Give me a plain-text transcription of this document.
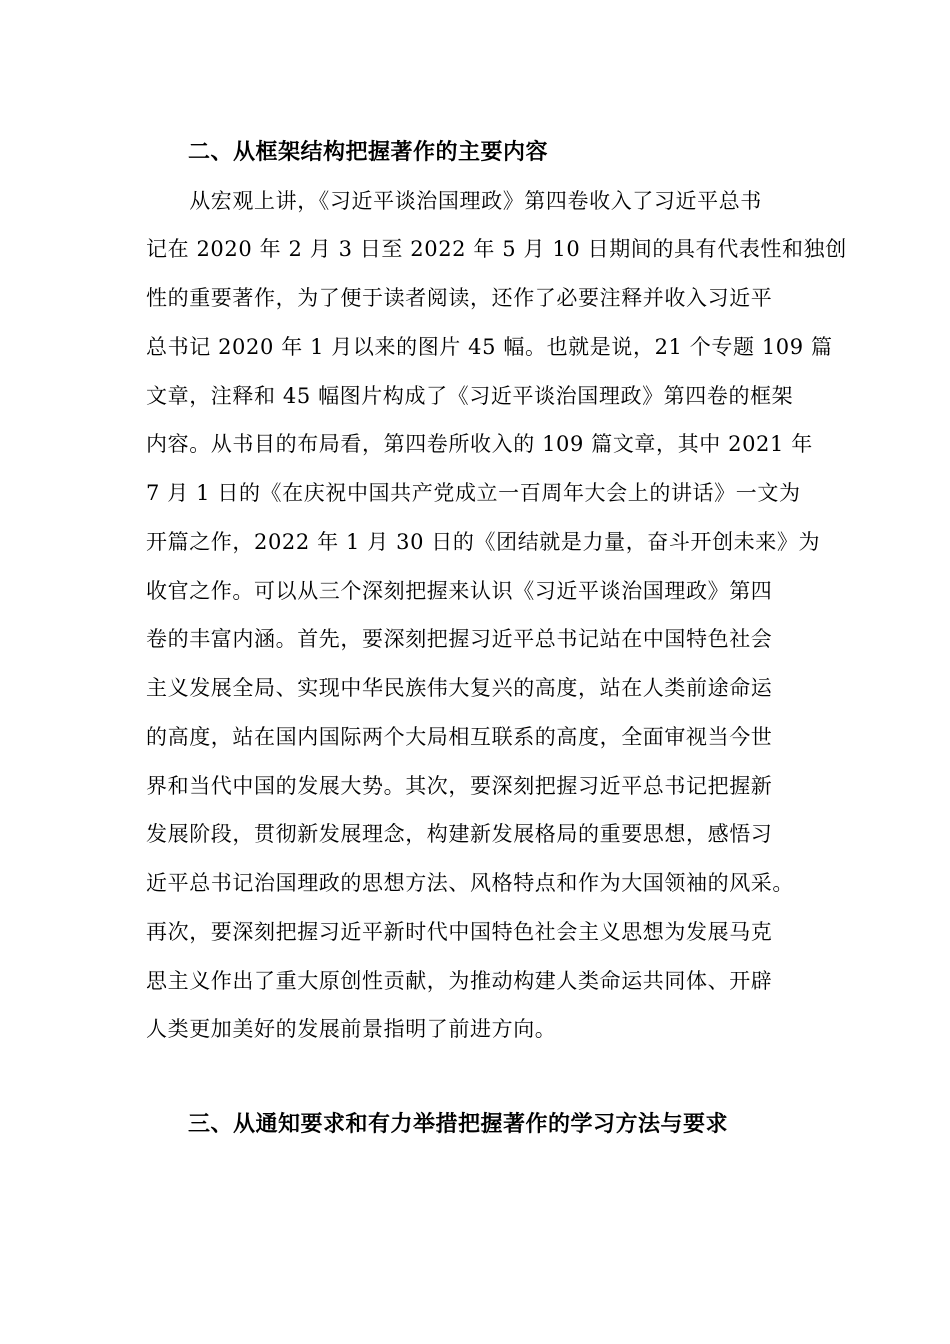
二、从框架结构把握著作的主要内容
　　从宏观上讲，《习近平谈治国理政》第四卷收入了习近平总书
记在 2020 年 2 月 3 日至 2022 年 5 月 10 日期间的具有代表性和独创
性的重要著作，为了便于读者阅读，还作了必要注释并收入习近平
总书记 2020 年 1 月以来的图片 45 幅。也就是说，21 个专题 109 篇
文章，注释和 45 幅图片构成了《习近平谈治国理政》第四卷的框架
内容。从书目的布局看，第四卷所收入的 109 篇文章，其中 2021 年
7 月 1 日的《在庆祝中国共产党成立一百周年大会上的讲话》一文为
开篇之作，2022 年 1 月 30 日的《团结就是力量，奋斗开创未来》为
收官之作。可以从三个深刻把握来认识《习近平谈治国理政》第四
卷的丰富内涵。首先，要深刻把握习近平总书记站在中国特色社会
主义发展全局、实现中华民族伟大复兴的高度，站在人类前途命运
的高度，站在国内国际两个大局相互联系的高度，全面审视当今世
界和当代中国的发展大势。其次，要深刻把握习近平总书记把握新
发展阶段，贯彻新发展理念，构建新发展格局的重要思想，感悟习
近平总书记治国理政的思想方法、风格特点和作为大国领袖的风采。
再次，要深刻把握习近平新时代中国特色社会主义思想为发展马克
思主义作出了重大原创性贡献，为推动构建人类命运共同体、开辟
人类更加美好的发展前景指明了前进方向。
三、从通知要求和有力举措把握著作的学习方法与要求
